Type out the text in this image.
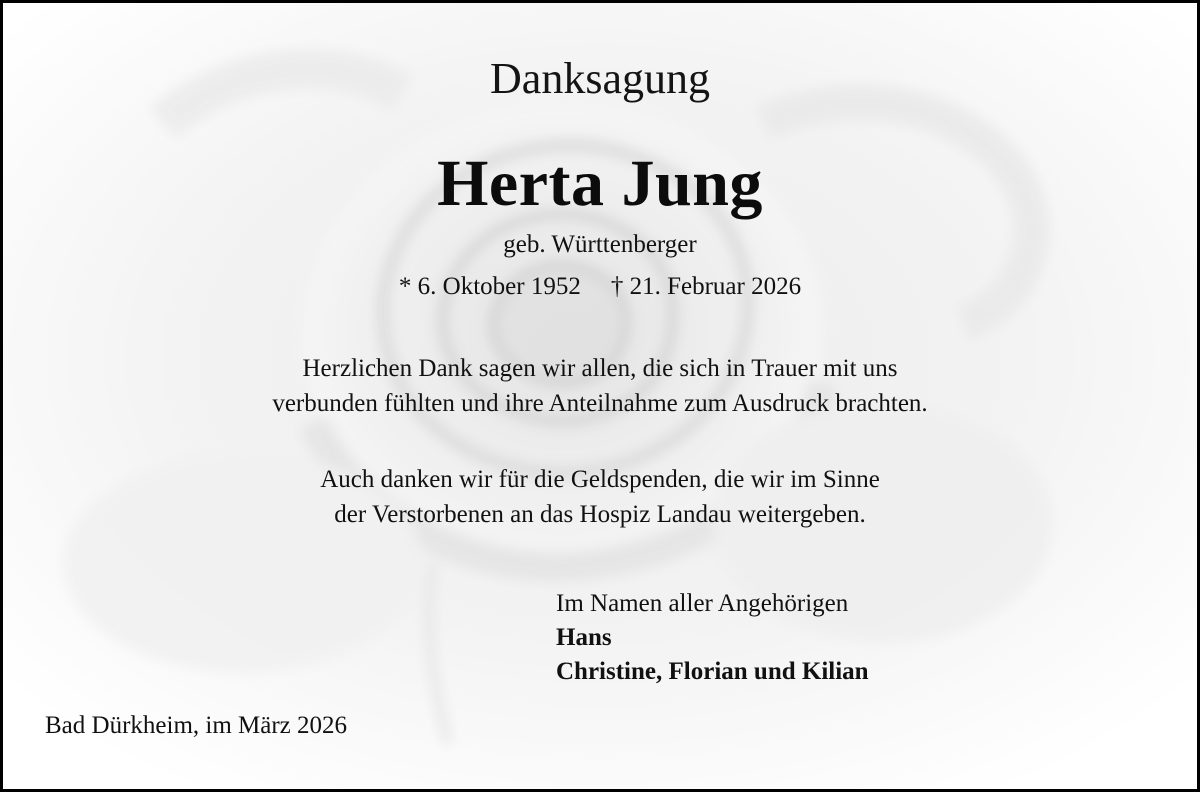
Danksagung
Herta Jung
geb. Württenberger
* 6. Oktober 1952 † 21. Februar 2026
Herzlichen Dank sagen wir allen, die sich in Trauer mit uns
verbunden fühlten und ihre Anteilnahme zum Ausdruck brachten.
Auch danken wir für die Geldspenden, die wir im Sinne
der Verstorbenen an das Hospiz Landau weitergeben.
Im Namen aller Angehörigen
Hans
Christine, Florian und Kilian
Bad Dürkheim, im März 2026
